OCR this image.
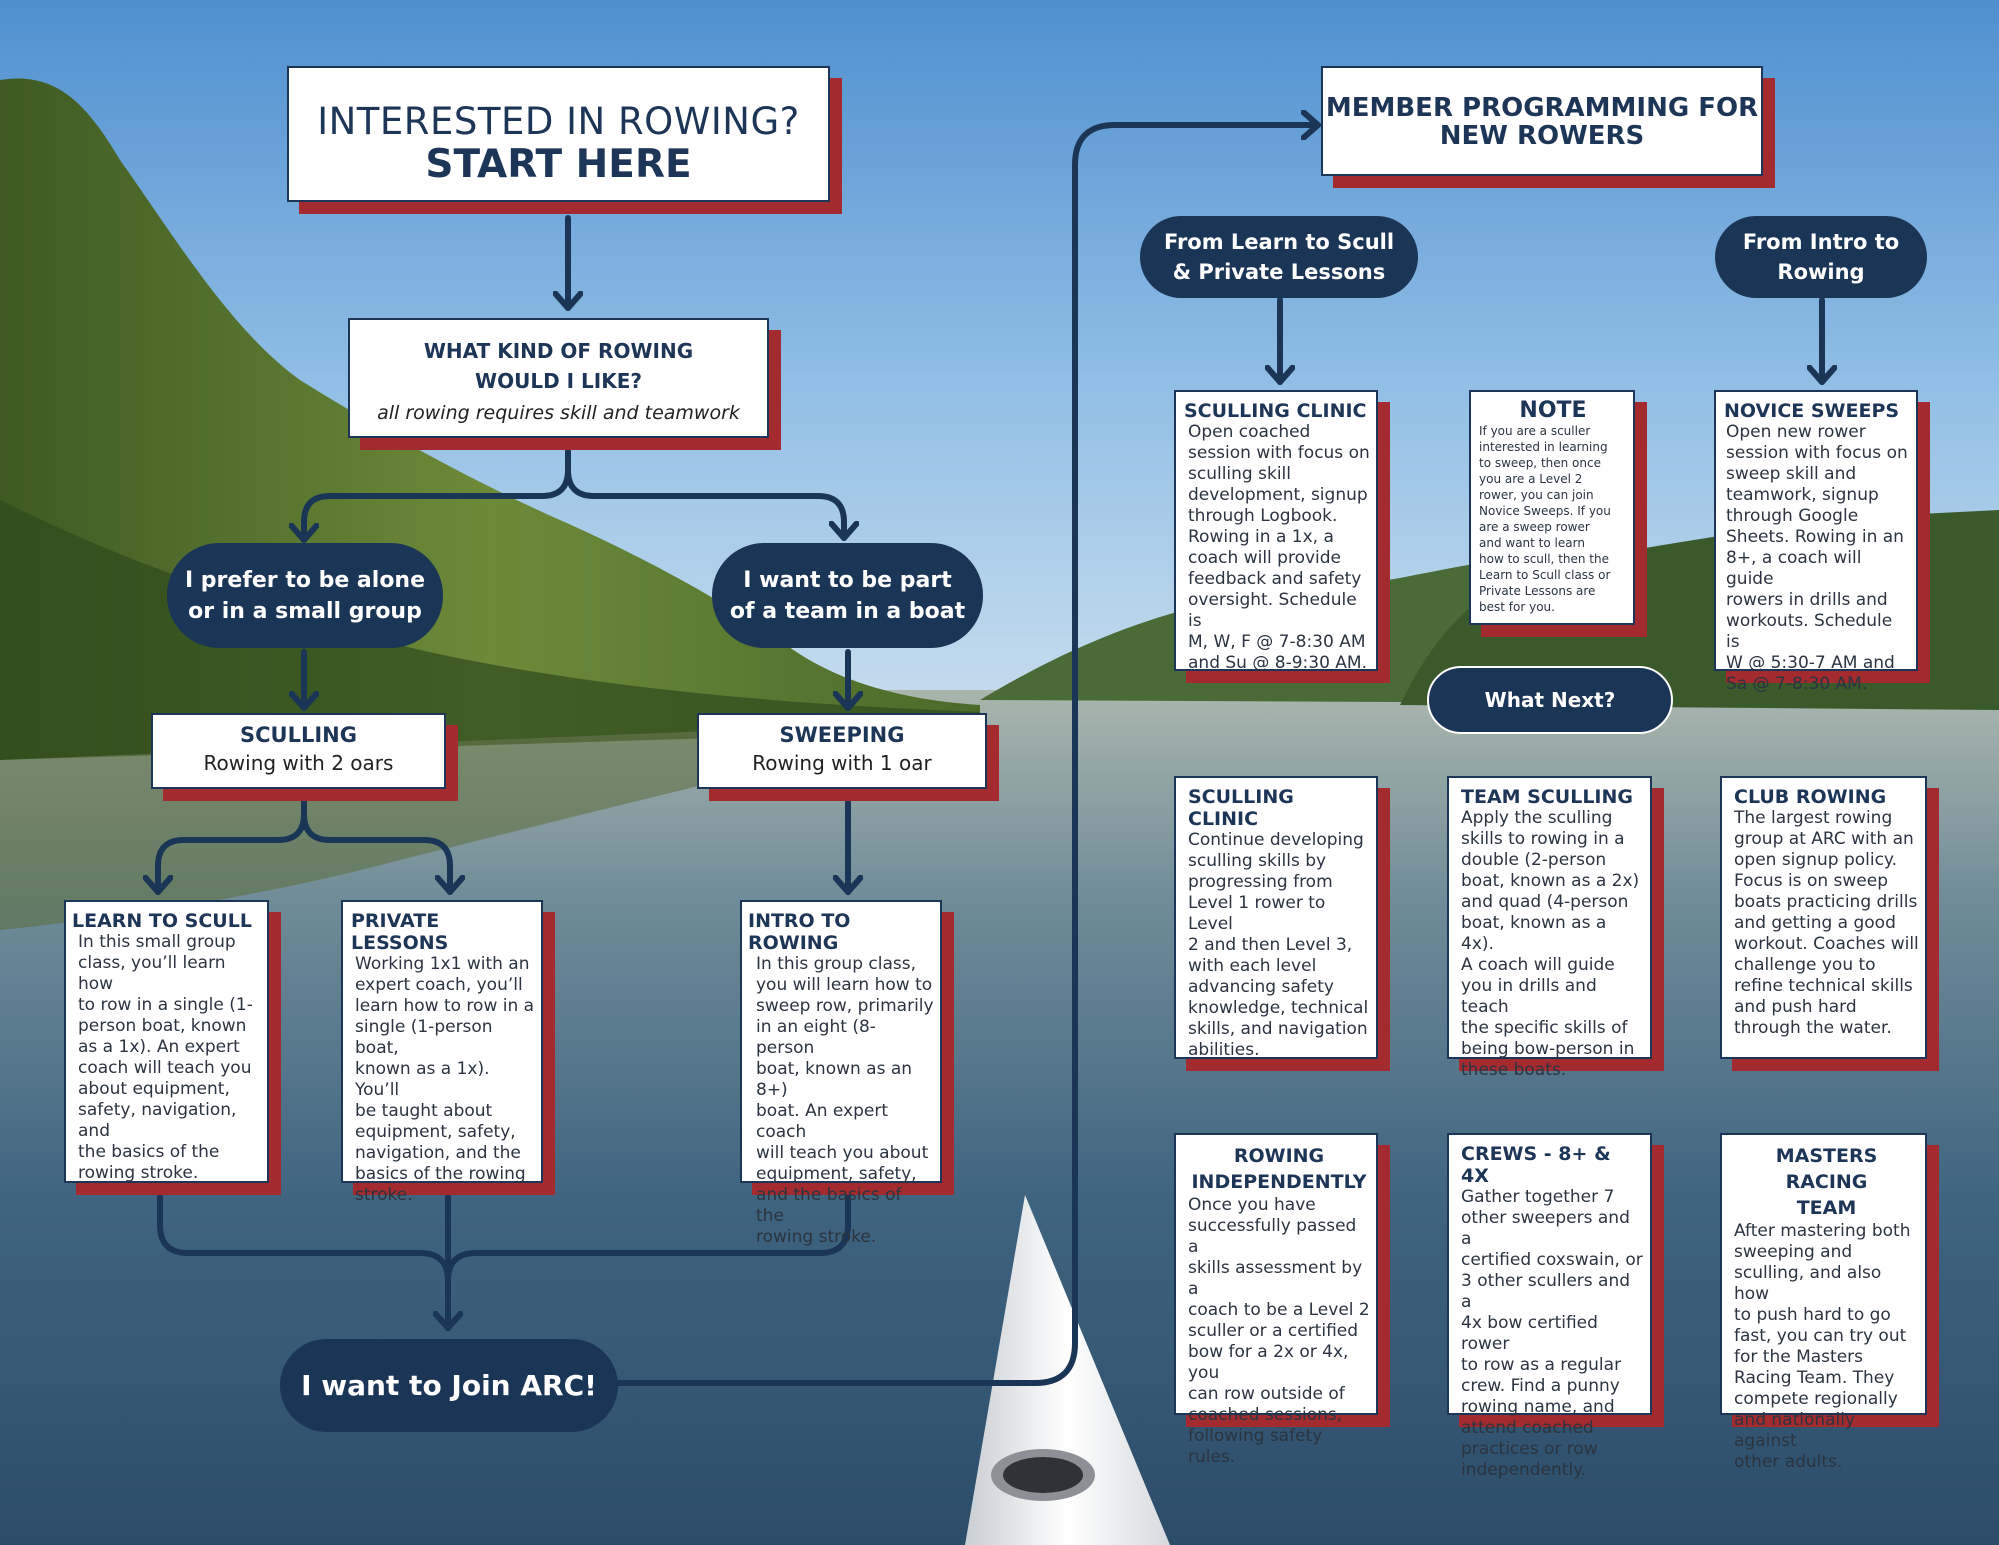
INTERESTED IN ROWING?
START HERE
WHAT KIND OF ROWING
WOULD I LIKE?
all rowing requires skill and teamwork
I prefer to be alone
or in a small group
I want to be part
of a team in a boat
SCULLING
Rowing with 2 oars
SWEEPING
Rowing with 1 oar
LEARN TO SCULL
In this small group
class, you’ll learn how
to row in a single (1-
person boat, known
as a 1x). An expert
coach will teach you
about equipment,
safety, navigation, and
the basics of the
rowing stroke.
PRIVATE LESSONS
Working 1x1 with an
expert coach, you’ll
learn how to row in a
single (1-person boat,
known as a 1x). You’ll
be taught about
equipment, safety,
navigation, and the
basics of the rowing
stroke.
INTRO TO ROWING
In this group class,
you will learn how to
sweep row, primarily
in an eight (8-person
boat, known as an 8+)
boat. An expert coach
will teach you about
equipment, safety,
and the basics of the
rowing stroke.
I want to Join ARC!
MEMBER PROGRAMMING FOR
NEW ROWERS
From Learn to Scull
& Private Lessons
From Intro to
Rowing
SCULLING CLINIC
Open coached
session with focus on
sculling skill
development, signup
through Logbook.
Rowing in a 1x, a
coach will provide
feedback and safety
oversight. Schedule is
M, W, F @ 7-8:30 AM
and Su @ 8-9:30 AM.
NOTE
If you are a sculler
interested in learning
to sweep, then once
you are a Level 2
rower, you can join
Novice Sweeps. If you
are a sweep rower
and want to learn
how to scull, then the
Learn to Scull class or
Private Lessons are
best for you.
NOVICE SWEEPS
Open new rower
session with focus on
sweep skill and
teamwork, signup
through Google
Sheets. Rowing in an
8+, a coach will guide
rowers in drills and
workouts. Schedule is
W @ 5:30-7 AM and
Sa @ 7-8:30 AM.
What Next?
SCULLING CLINIC
Continue developing
sculling skills by
progressing from
Level 1 rower to Level
2 and then Level 3,
with each level
advancing safety
knowledge, technical
skills, and navigation
abilities.
TEAM SCULLING
Apply the sculling
skills to rowing in a
double (2-person
boat, known as a 2x)
and quad (4-person
boat, known as a 4x).
A coach will guide
you in drills and teach
the specific skills of
being bow-person in
these boats.
CLUB ROWING
The largest rowing
group at ARC with an
open signup policy.
Focus is on sweep
boats practicing drills
and getting a good
workout. Coaches will
challenge you to
refine technical skills
and push hard
through the water.
ROWING
INDEPENDENTLY
Once you have
successfully passed a
skills assessment by a
coach to be a Level 2
sculler or a certified
bow for a 2x or 4x, you
can row outside of
coached sessions,
following safety rules.
CREWS - 8+ & 4X
Gather together 7
other sweepers and a
certified coxswain, or
3 other scullers and a
4x bow certified rower
to row as a regular
crew. Find a punny
rowing name, and
attend coached
practices or row
independently.
MASTERS RACING
TEAM
After mastering both
sweeping and
sculling, and also how
to push hard to go
fast, you can try out
for the Masters
Racing Team. They
compete regionally
and nationally against
other adults.
